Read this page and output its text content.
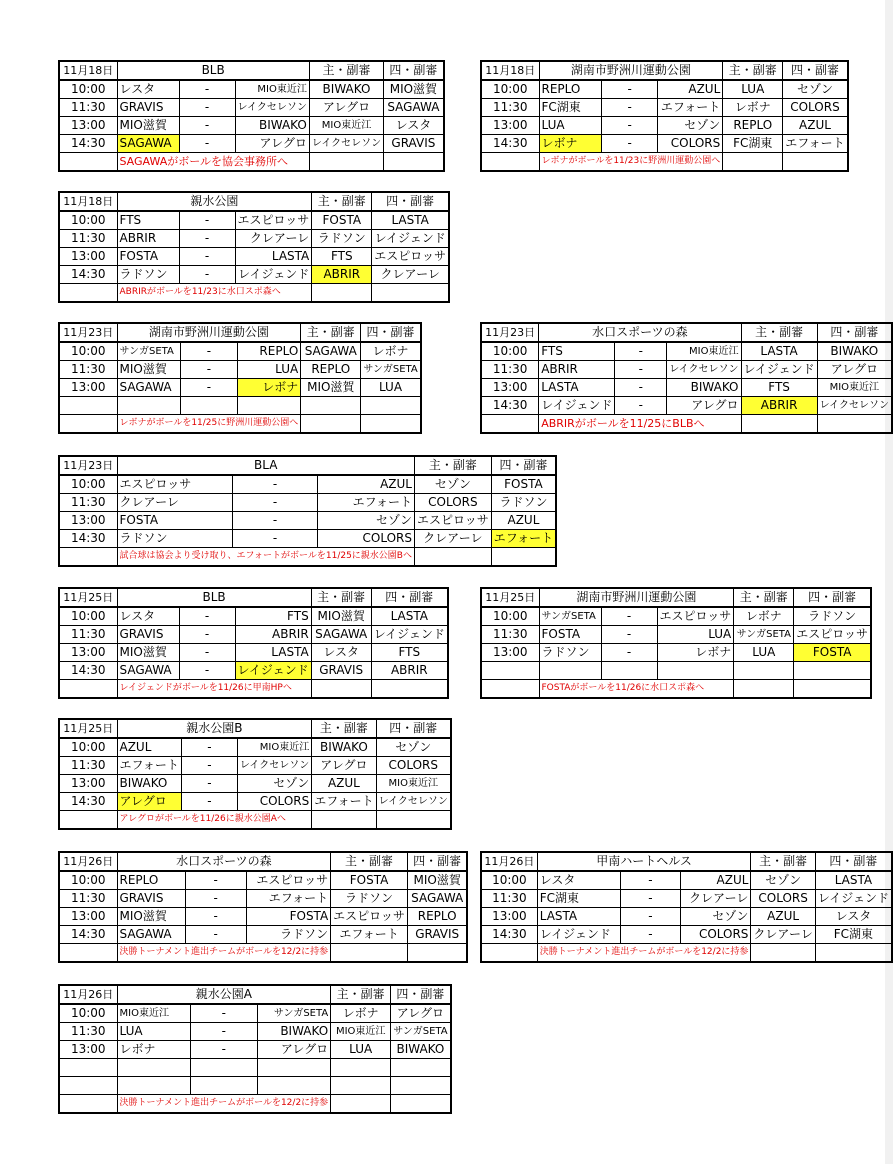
11月18日	BLB			主・副審	四・副審
10:00	レスタ	-	MIO東近江	BIWAKO	MIO滋賀
11:30	GRAVIS	-	レイクセレソン	アレグロ	SAGAWA
13:00	MIO滋賀	-	BIWAKO	MIO東近江	レスタ
14:30	SAGAWA	-	アレグロ	レイクセレソン	GRAVIS
	SAGAWAがボールを協会事務所へ				
11月18日	湖南市野洲川運動公園			主・副審	四・副審
10:00	REPLO	-	AZUL	LUA	セゾン
11:30	FC湖東	-	エフォート	レボナ	COLORS
13:00	LUA	-	セゾン	REPLO	AZUL
14:30	レボナ	-	COLORS	FC湖東	エフォート
	レボナがボールを11/23に野洲川運動公園へ				
11月18日	親水公園			主・副審	四・副審
10:00	FTS	-	エスピロッサ	FOSTA	LASTA
11:30	ABRIR	-	クレアーレ	ラドソン	レイジェンド
13:00	FOSTA	-	LASTA	FTS	エスピロッサ
14:30	ラドソン	-	レイジェンド	ABRIR	クレアーレ
	ABRIRがボールを11/23に水口スポ森へ				
11月23日	湖南市野洲川運動公園			主・副審	四・副審
10:00	サンガSETA	-	REPLO	SAGAWA	レボナ
11:30	MIO滋賀	-	LUA	REPLO	サンガSETA
13:00	SAGAWA	-	レボナ	MIO滋賀	LUA

	レボナがボールを11/25に野洲川運動公園へ				
11月23日	水口スポーツの森			主・副審	四・副審
10:00	FTS	-	MIO東近江	LASTA	BIWAKO
11:30	ABRIR	-	レイクセレソン	レイジェンド	アレグロ
13:00	LASTA	-	BIWAKO	FTS	MIO東近江
14:30	レイジェンド	-	アレグロ	ABRIR	レイクセレソン
	ABRIRがボールを11/25にBLBへ				
11月23日	BLA			主・副審	四・副審
10:00	エスピロッサ	-	AZUL	セゾン	FOSTA
11:30	クレアーレ	-	エフォート	COLORS	ラドソン
13:00	FOSTA	-	セゾン	エスピロッサ	AZUL
14:30	ラドソン	-	COLORS	クレアーレ	エフォート
	試合球は協会より受け取り、エフォートがボールを11/25に親水公園Bへ				
11月25日	BLB			主・副審	四・副審
10:00	レスタ	-	FTS	MIO滋賀	LASTA
11:30	GRAVIS	-	ABRIR	SAGAWA	レイジェンド
13:00	MIO滋賀	-	LASTA	レスタ	FTS
14:30	SAGAWA	-	レイジェンド	GRAVIS	ABRIR
	レイジェンドがボールを11/26に甲南HPへ				
11月25日	湖南市野洲川運動公園			主・副審	四・副審
10:00	サンガSETA	-	エスピロッサ	レボナ	ラドソン
11:30	FOSTA	-	LUA	サンガSETA	エスピロッサ
13:00	ラドソン	-	レボナ	LUA	FOSTA

	FOSTAがボールを11/26に水口スポ森へ				
11月25日	親水公園B			主・副審	四・副審
10:00	AZUL	-	MIO東近江	BIWAKO	セゾン
11:30	エフォート	-	レイクセレソン	アレグロ	COLORS
13:00	BIWAKO	-	セゾン	AZUL	MIO東近江
14:30	アレグロ	-	COLORS	エフォート	レイクセレソン
	アレグロがボールを11/26に親水公園Aへ				
11月26日	水口スポーツの森			主・副審	四・副審
10:00	REPLO	-	エスピロッサ	FOSTA	MIO滋賀
11:30	GRAVIS	-	エフォート	ラドソン	SAGAWA
13:00	MIO滋賀	-	FOSTA	エスピロッサ	REPLO
14:30	SAGAWA	-	ラドソン	エフォート	GRAVIS
	決勝トーナメント進出チームがボールを12/2に持参				
11月26日	甲南ハートヘルス			主・副審	四・副審
10:00	レスタ	-	AZUL	セゾン	LASTA
11:30	FC湖東	-	クレアーレ	COLORS	レイジェンド
13:00	LASTA	-	セゾン	AZUL	レスタ
14:30	レイジェンド	-	COLORS	クレアーレ	FC湖東
	決勝トーナメント進出チームがボールを12/2に持参				
11月26日	親水公園A			主・副審	四・副審
10:00	MIO東近江	-	サンガSETA	レボナ	アレグロ
11:30	LUA	-	BIWAKO	MIO東近江	サンガSETA
13:00	レボナ	-	アレグロ	LUA	BIWAKO

	決勝トーナメント進出チームがボールを12/2に持参				
